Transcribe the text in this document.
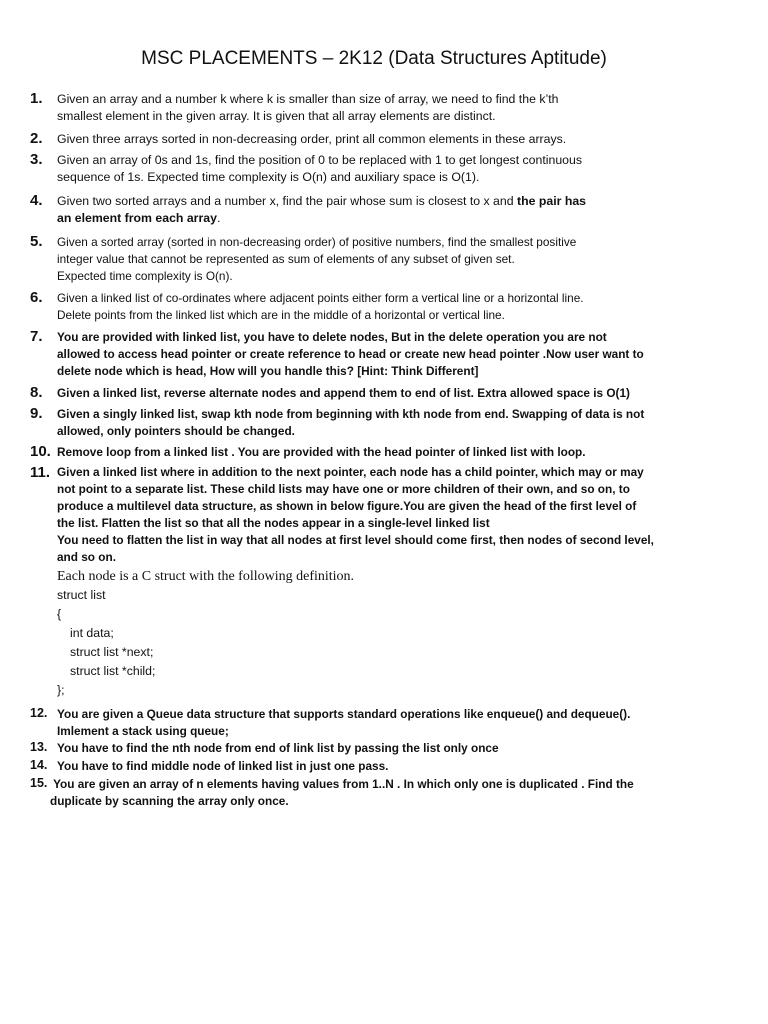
MSC PLACEMENTS – 2K12 (Data Structures Aptitude)
1. Given an array and a number k where k is smaller than size of array, we need to find the k’th
smallest element in the given array. It is given that all array elements are distinct.
2. Given three arrays sorted in non-decreasing order, print all common elements in these arrays.
3. Given an array of 0s and 1s, find the position of 0 to be replaced with 1 to get longest continuous
sequence of 1s. Expected time complexity is O(n) and auxiliary space is O(1).
4. Given two sorted arrays and a number x, find the pair whose sum is closest to x and the pair has
an element from each array.
5. Given a sorted array (sorted in non-decreasing order) of positive numbers, find the smallest positive
integer value that cannot be represented as sum of elements of any subset of given set.
Expected time complexity is O(n).
6. Given a linked list of co-ordinates where adjacent points either form a vertical line or a horizontal line.
Delete points from the linked list which are in the middle of a horizontal or vertical line.
7. You are provided with linked list, you have to delete nodes, But in the delete operation you are not
allowed to access head pointer or create reference to head or create new head pointer .Now user want to
delete node which is head, How will you handle this? [Hint: Think Different]
8. Given a linked list, reverse alternate nodes and append them to end of list. Extra allowed space is O(1)
9. Given a singly linked list, swap kth node from beginning with kth node from end. Swapping of data is not
allowed, only pointers should be changed.
10. Remove loop from a linked list . You are provided with the head pointer of linked list with loop.
11. Given a linked list where in addition to the next pointer, each node has a child pointer, which may or may
not point to a separate list. These child lists may have one or more children of their own, and so on, to
produce a multilevel data structure, as shown in below figure.You are given the head of the first level of
the list. Flatten the list so that all the nodes appear in a single-level linked list
You need to flatten the list in way that all nodes at first level should come first, then nodes of second level,
and so on.
Each node is a C struct with the following definition.
struct list
{
int data;
struct list *next;
struct list *child;
};
12. You are given a Queue data structure that supports standard operations like enqueue() and dequeue().
Imlement a stack using queue;
13. You have to find the nth node from end of link list by passing the list only once
14. You have to find middle node of linked list in just one pass.
15. You are given an array of n elements having values from 1..N . In which only one is duplicated . Find the
duplicate by scanning the array only once.
